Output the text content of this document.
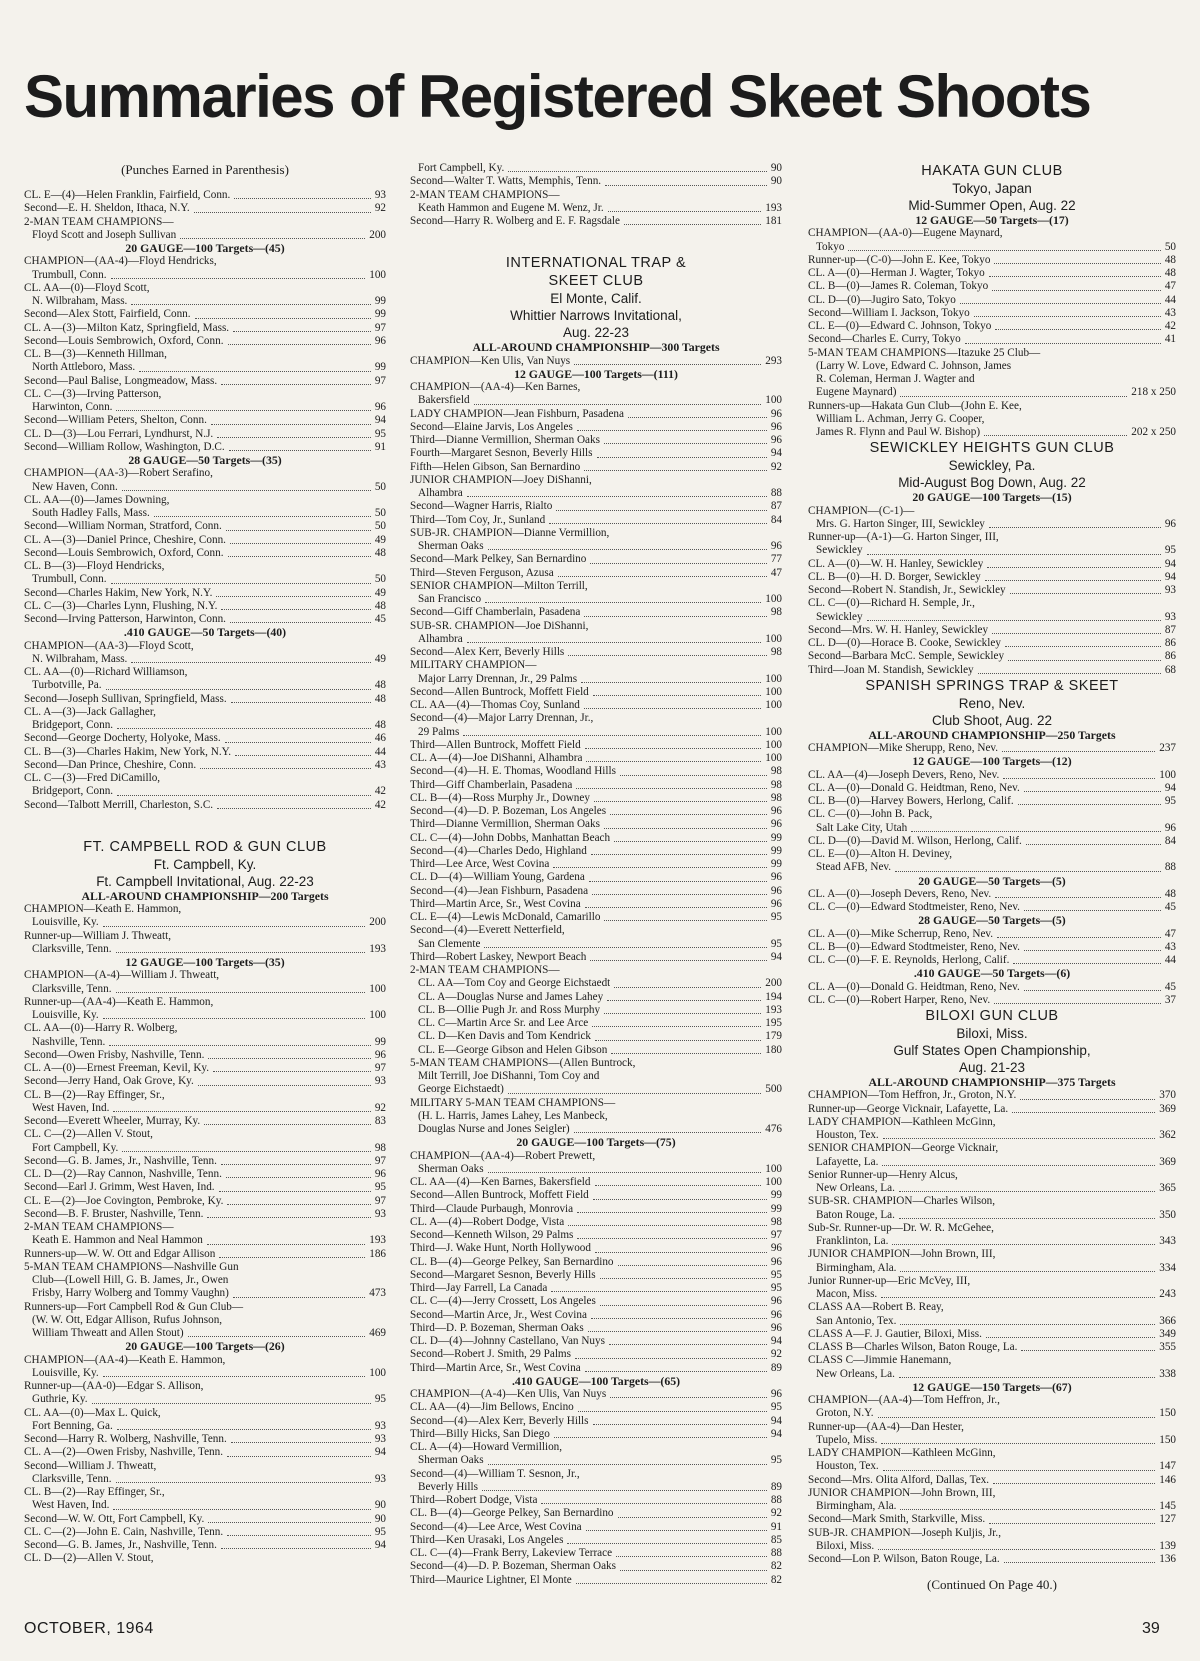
Summaries of Registered Skeet Shoots
(Punches Earned in Parenthesis)
CL. E—(4)—Helen Franklin, Fairfield, Conn.	93
Second—E. H. Sheldon, Ithaca, N.Y.	92
2-MAN TEAM CHAMPIONS—
Floyd Scott and Joseph Sullivan	200
20 GAUGE—100 Targets—(45)
CHAMPION—(AA-4)—Floyd Hendricks,
Trumbull, Conn.	100
CL. AA—(0)—Floyd Scott,
N. Wilbraham, Mass.	99
Second—Alex Stott, Fairfield, Conn.	99
CL. A—(3)—Milton Katz, Springfield, Mass.	97
Second—Louis Sembrowich, Oxford, Conn.	96
CL. B—(3)—Kenneth Hillman,
North Attleboro, Mass.	99
Second—Paul Balise, Longmeadow, Mass.	97
CL. C—(3)—Irving Patterson,
Harwinton, Conn.	96
Second—William Peters, Shelton, Conn.	94
CL. D—(3)—Lou Ferrari, Lyndhurst, N.J.	95
Second—William Rollow, Washington, D.C.	91
28 GAUGE—50 Targets—(35)
CHAMPION—(AA-3)—Robert Serafino,
New Haven, Conn.	50
CL. AA—(0)—James Downing,
South Hadley Falls, Mass.	50
Second—William Norman, Stratford, Conn.	50
CL. A—(3)—Daniel Prince, Cheshire, Conn.	49
Second—Louis Sembrowich, Oxford, Conn.	48
CL. B—(3)—Floyd Hendricks,
Trumbull, Conn.	50
Second—Charles Hakim, New York, N.Y.	49
CL. C—(3)—Charles Lynn, Flushing, N.Y.	48
Second—Irving Patterson, Harwinton, Conn.	45
.410 GAUGE—50 Targets—(40)
CHAMPION—(AA-3)—Floyd Scott,
N. Wilbraham, Mass.	49
CL. AA—(0)—Richard Williamson,
Turbotville, Pa.	48
Second—Joseph Sullivan, Springfield, Mass.	48
CL. A—(3)—Jack Gallagher,
Bridgeport, Conn.	48
Second—George Docherty, Holyoke, Mass.	46
CL. B—(3)—Charles Hakim, New York, N.Y.	44
Second—Dan Prince, Cheshire, Conn.	43
CL. C—(3)—Fred DiCamillo,
Bridgeport, Conn.	42
Second—Talbott Merrill, Charleston, S.C.	42
FT. CAMPBELL ROD & GUN CLUB
Ft. Campbell, Ky.
Ft. Campbell Invitational, Aug. 22-23
ALL-AROUND CHAMPIONSHIP—200 Targets
CHAMPION—Keath E. Hammon,
Louisville, Ky.	200
Runner-up—William J. Thweatt,
Clarksville, Tenn.	193
12 GAUGE—100 Targets—(35)
CHAMPION—(A-4)—William J. Thweatt,
Clarksville, Tenn.	100
Runner-up—(AA-4)—Keath E. Hammon,
Louisville, Ky.	100
CL. AA—(0)—Harry R. Wolberg,
Nashville, Tenn.	99
Second—Owen Frisby, Nashville, Tenn.	96
CL. A—(0)—Ernest Freeman, Kevil, Ky.	97
Second—Jerry Hand, Oak Grove, Ky.	93
CL. B—(2)—Ray Effinger, Sr.,
West Haven, Ind.	92
Second—Everett Wheeler, Murray, Ky.	83
CL. C—(2)—Allen V. Stout,
Fort Campbell, Ky.	98
Second—G. B. James, Jr., Nashville, Tenn.	97
CL. D—(2)—Ray Cannon, Nashville, Tenn.	96
Second—Earl J. Grimm, West Haven, Ind.	95
CL. E—(2)—Joe Covington, Pembroke, Ky.	97
Second—B. F. Bruster, Nashville, Tenn.	93
2-MAN TEAM CHAMPIONS—
Keath E. Hammon and Neal Hammon	193
Runners-up—W. W. Ott and Edgar Allison	186
5-MAN TEAM CHAMPIONS—Nashville Gun
Club—(Lowell Hill, G. B. James, Jr., Owen
Frisby, Harry Wolberg and Tommy Vaughn)	473
Runners-up—Fort Campbell Rod & Gun Club—
(W. W. Ott, Edgar Allison, Rufus Johnson,
William Thweatt and Allen Stout)	469
20 GAUGE—100 Targets—(26)
CHAMPION—(AA-4)—Keath E. Hammon,
Louisville, Ky.	100
Runner-up—(AA-0)—Edgar S. Allison,
Guthrie, Ky.	95
CL. AA—(0)—Max L. Quick,
Fort Benning, Ga.	93
Second—Harry R. Wolberg, Nashville, Tenn.	93
CL. A—(2)—Owen Frisby, Nashville, Tenn.	94
Second—William J. Thweatt,
Clarksville, Tenn.	93
CL. B—(2)—Ray Effinger, Sr.,
West Haven, Ind.	90
Second—W. W. Ott, Fort Campbell, Ky.	90
CL. C—(2)—John E. Cain, Nashville, Tenn.	95
Second—G. B. James, Jr., Nashville, Tenn.	94
CL. D—(2)—Allen V. Stout,
Fort Campbell, Ky.	90
Second—Walter T. Watts, Memphis, Tenn.	90
2-MAN TEAM CHAMPIONS—
Keath Hammon and Eugene M. Wenz, Jr.	193
Second—Harry R. Wolberg and E. F. Ragsdale	181
INTERNATIONAL TRAP &
SKEET CLUB
El Monte, Calif.
Whittier Narrows Invitational,
Aug. 22-23
ALL-AROUND CHAMPIONSHIP—300 Targets
CHAMPION—Ken Ulis, Van Nuys	293
12 GAUGE—100 Targets—(111)
CHAMPION—(AA-4)—Ken Barnes,
Bakersfield	100
LADY CHAMPION—Jean Fishburn, Pasadena	96
Second—Elaine Jarvis, Los Angeles	96
Third—Dianne Vermillion, Sherman Oaks	96
Fourth—Margaret Sesnon, Beverly Hills	94
Fifth—Helen Gibson, San Bernardino	92
JUNIOR CHAMPION—Joey DiShanni,
Alhambra	88
Second—Wagner Harris, Rialto	87
Third—Tom Coy, Jr., Sunland	84
SUB-JR. CHAMPION—Dianne Vermillion,
Sherman Oaks	96
Second—Mark Pelkey, San Bernardino	77
Third—Steven Ferguson, Azusa	47
SENIOR CHAMPION—Milton Terrill,
San Francisco	100
Second—Giff Chamberlain, Pasadena	98
SUB-SR. CHAMPION—Joe DiShanni,
Alhambra	100
Second—Alex Kerr, Beverly Hills	98
MILITARY CHAMPION—
Major Larry Drennan, Jr., 29 Palms	100
Second—Allen Buntrock, Moffett Field	100
CL. AA—(4)—Thomas Coy, Sunland	100
Second—(4)—Major Larry Drennan, Jr.,
29 Palms	100
Third—Allen Buntrock, Moffett Field	100
CL. A—(4)—Joe DiShanni, Alhambra	100
Second—(4)—H. E. Thomas, Woodland Hills	98
Third—Giff Chamberlain, Pasadena	98
CL. B—(4)—Ross Murphy Jr., Downey	98
Second—(4)—D. P. Bozeman, Los Angeles	96
Third—Dianne Vermillion, Sherman Oaks	96
CL. C—(4)—John Dobbs, Manhattan Beach	99
Second—(4)—Charles Dedo, Highland	99
Third—Lee Arce, West Covina	99
CL. D—(4)—William Young, Gardena	96
Second—(4)—Jean Fishburn, Pasadena	96
Third—Martin Arce, Sr., West Covina	96
CL. E—(4)—Lewis McDonald, Camarillo	95
Second—(4)—Everett Netterfield,
San Clemente	95
Third—Robert Laskey, Newport Beach	94
2-MAN TEAM CHAMPIONS—
CL. AA—Tom Coy and George Eichstaedt	200
CL. A—Douglas Nurse and James Lahey	194
CL. B—Ollie Pugh Jr. and Ross Murphy	193
CL. C—Martin Arce Sr. and Lee Arce	195
CL. D—Ken Davis and Tom Kendrick	179
CL. E—George Gibson and Helen Gibson	180
5-MAN TEAM CHAMPIONS—(Allen Buntrock,
Milt Terrill, Joe DiShanni, Tom Coy and
George Eichstaedt)	500
MILITARY 5-MAN TEAM CHAMPIONS—
(H. L. Harris, James Lahey, Les Manbeck,
Douglas Nurse and Jones Seigler)	476
20 GAUGE—100 Targets—(75)
CHAMPION—(AA-4)—Robert Prewett,
Sherman Oaks	100
CL. AA—(4)—Ken Barnes, Bakersfield	100
Second—Allen Buntrock, Moffett Field	99
Third—Claude Purbaugh, Monrovia	99
CL. A—(4)—Robert Dodge, Vista	98
Second—Kenneth Wilson, 29 Palms	97
Third—J. Wake Hunt, North Hollywood	96
CL. B—(4)—George Pelkey, San Bernardino	96
Second—Margaret Sesnon, Beverly Hills	95
Third—Jay Farrell, La Canada	95
CL. C—(4)—Jerry Crossett, Los Angeles	96
Second—Martin Arce, Jr., West Covina	96
Third—D. P. Bozeman, Sherman Oaks	96
CL. D—(4)—Johnny Castellano, Van Nuys	94
Second—Robert J. Smith, 29 Palms	92
Third—Martin Arce, Sr., West Covina	89
.410 GAUGE—100 Targets—(65)
CHAMPION—(A-4)—Ken Ulis, Van Nuys	96
CL. AA—(4)—Jim Bellows, Encino	95
Second—(4)—Alex Kerr, Beverly Hills	94
Third—Billy Hicks, San Diego	94
CL. A—(4)—Howard Vermillion,
Sherman Oaks	95
Second—(4)—William T. Sesnon, Jr.,
Beverly Hills	89
Third—Robert Dodge, Vista	88
CL. B—(4)—George Pelkey, San Bernardino	92
Second—(4)—Lee Arce, West Covina	91
Third—Ken Urasaki, Los Angeles	85
CL. C—(4)—Frank Berry, Lakeview Terrace	88
Second—(4)—D. P. Bozeman, Sherman Oaks	82
Third—Maurice Lightner, El Monte	82
HAKATA GUN CLUB
Tokyo, Japan
Mid-Summer Open, Aug. 22
12 GAUGE—50 Targets—(17)
CHAMPION—(AA-0)—Eugene Maynard,
Tokyo	50
Runner-up—(C-0)—John E. Kee, Tokyo	48
CL. A—(0)—Herman J. Wagter, Tokyo	48
CL. B—(0)—James R. Coleman, Tokyo	47
CL. D—(0)—Jugiro Sato, Tokyo	44
Second—William I. Jackson, Tokyo	43
CL. E—(0)—Edward C. Johnson, Tokyo	42
Second—Charles E. Curry, Tokyo	41
5-MAN TEAM CHAMPIONS—Itazuke 25 Club—
(Larry W. Love, Edward C. Johnson, James
R. Coleman, Herman J. Wagter and
Eugene Maynard)	218 x 250
Runners-up—Hakata Gun Club—(John E. Kee,
William L. Achman, Jerry G. Cooper,
James R. Flynn and Paul W. Bishop)	202 x 250
SEWICKLEY HEIGHTS GUN CLUB
Sewickley, Pa.
Mid-August Bog Down, Aug. 22
20 GAUGE—100 Targets—(15)
CHAMPION—(C-1)—
Mrs. G. Harton Singer, III, Sewickley	96
Runner-up—(A-1)—G. Harton Singer, III,
Sewickley	95
CL. A—(0)—W. H. Hanley, Sewickley	94
CL. B—(0)—H. D. Borger, Sewickley	94
Second—Robert N. Standish, Jr., Sewickley	93
CL. C—(0)—Richard H. Semple, Jr.,
Sewickley	93
Second—Mrs. W. H. Hanley, Sewickley	87
CL. D—(0)—Horace B. Cooke, Sewickley	86
Second—Barbara McC. Semple, Sewickley	86
Third—Joan M. Standish, Sewickley	68
SPANISH SPRINGS TRAP & SKEET
Reno, Nev.
Club Shoot, Aug. 22
ALL-AROUND CHAMPIONSHIP—250 Targets
CHAMPION—Mike Sherupp, Reno, Nev.	237
12 GAUGE—100 Targets—(12)
CL. AA—(4)—Joseph Devers, Reno, Nev.	100
CL. A—(0)—Donald G. Heidtman, Reno, Nev.	94
CL. B—(0)—Harvey Bowers, Herlong, Calif.	95
CL. C—(0)—John B. Pack,
Salt Lake City, Utah	96
CL. D—(0)—David M. Wilson, Herlong, Calif.	84
CL. E—(0)—Alton H. Deviney,
Stead AFB, Nev.	88
20 GAUGE—50 Targets—(5)
CL. A—(0)—Joseph Devers, Reno, Nev.	48
CL. C—(0)—Edward Stodtmeister, Reno, Nev.	45
28 GAUGE—50 Targets—(5)
CL. A—(0)—Mike Scherrup, Reno, Nev.	47
CL. B—(0)—Edward Stodtmeister, Reno, Nev.	43
CL. C—(0)—F. E. Reynolds, Herlong, Calif.	44
.410 GAUGE—50 Targets—(6)
CL. A—(0)—Donald G. Heidtman, Reno, Nev.	45
CL. C—(0)—Robert Harper, Reno, Nev.	37
BILOXI GUN CLUB
Biloxi, Miss.
Gulf States Open Championship,
Aug. 21-23
ALL-AROUND CHAMPIONSHIP—375 Targets
CHAMPION—Tom Heffron, Jr., Groton, N.Y.	370
Runner-up—George Vicknair, Lafayette, La.	369
LADY CHAMPION—Kathleen McGinn,
Houston, Tex.	362
SENIOR CHAMPION—George Vicknair,
Lafayette, La.	369
Senior Runner-up—Henry Alcus,
New Orleans, La.	365
SUB-SR. CHAMPION—Charles Wilson,
Baton Rouge, La.	350
Sub-Sr. Runner-up—Dr. W. R. McGehee,
Franklinton, La.	343
JUNIOR CHAMPION—John Brown, III,
Birmingham, Ala.	334
Junior Runner-up—Eric McVey, III,
Macon, Miss.	243
CLASS AA—Robert B. Reay,
San Antonio, Tex.	366
CLASS A—F. J. Gautier, Biloxi, Miss.	349
CLASS B—Charles Wilson, Baton Rouge, La.	355
CLASS C—Jimmie Hanemann,
New Orleans, La.	338
12 GAUGE—150 Targets—(67)
CHAMPION—(AA-4)—Tom Heffron, Jr.,
Groton, N.Y.	150
Runner-up—(AA-4)—Dan Hester,
Tupelo, Miss.	150
LADY CHAMPION—Kathleen McGinn,
Houston, Tex.	147
Second—Mrs. Olita Alford, Dallas, Tex.	146
JUNIOR CHAMPION—John Brown, III,
Birmingham, Ala.	145
Second—Mark Smith, Starkville, Miss.	127
SUB-JR. CHAMPION—Joseph Kuljis, Jr.,
Biloxi, Miss.	139
Second—Lon P. Wilson, Baton Rouge, La.	136
(Continued On Page 40.)
OCTOBER, 1964	39
